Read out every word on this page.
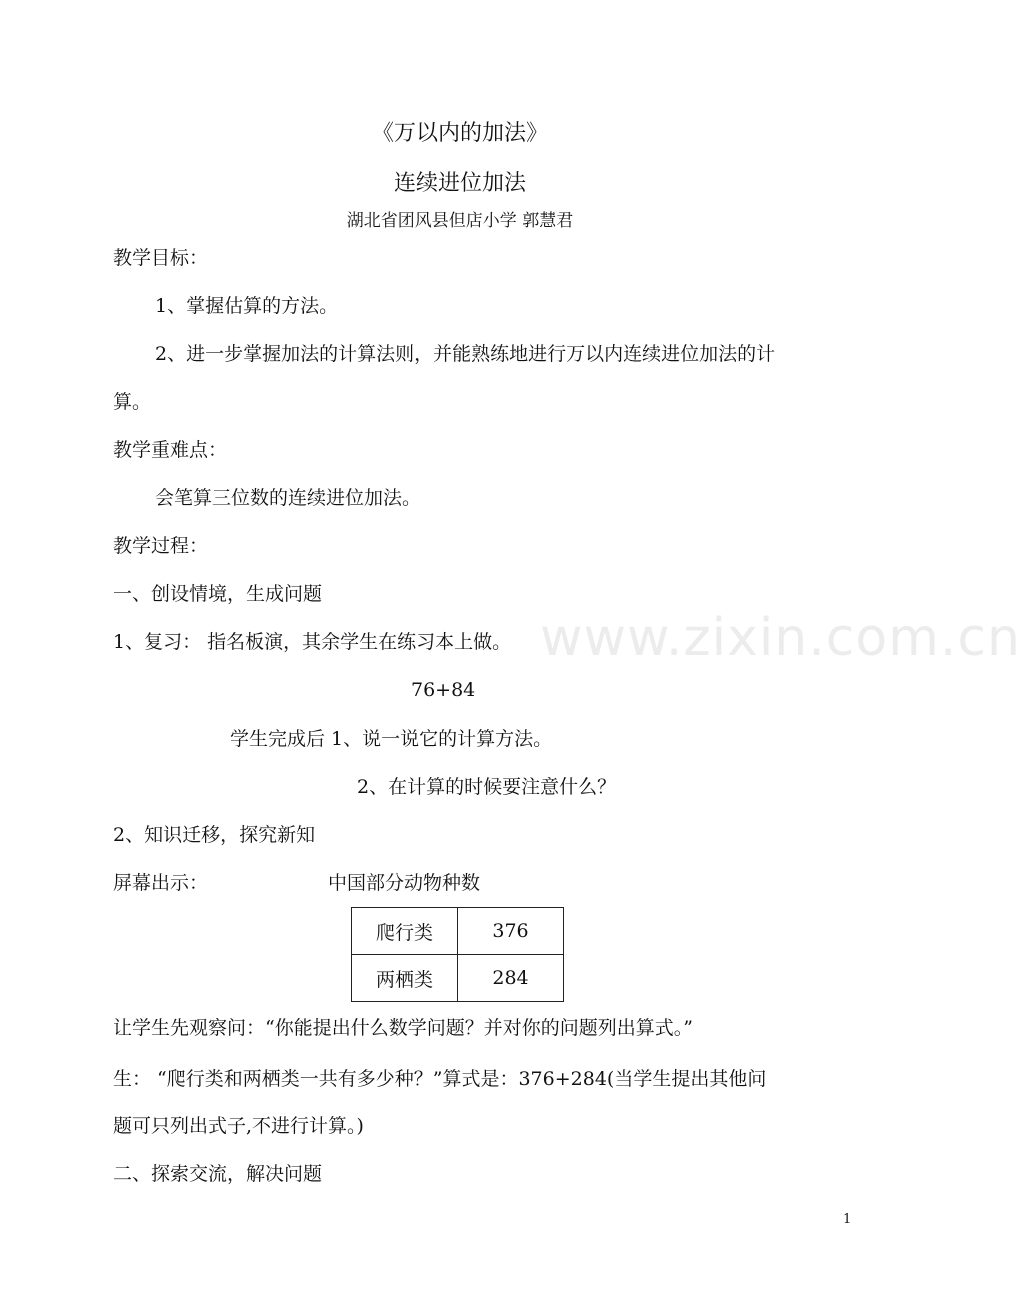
www.zixin.com.cn
《万以内的加法》
连续进位加法
湖北省团风县但店小学 郭慧君
教学目标：
1、掌握估算的方法。
2、进一步掌握加法的计算法则，并能熟练地进行万以内连续进位加法的计
算。
教学重难点：
会笔算三位数的连续进位加法。
教学过程：
一、创设情境，生成问题
1、复习： 指名板演，其余学生在练习本上做。
76+84
学生完成后 1、说一说它的计算方法。
2、在计算的时候要注意什么？
2、知识迁移，探究新知
屏幕出示：	中国部分动物种数
爬行类	376
两栖类	284
让学生先观察问：“你能提出什么数学问题？并对你的问题列出算式。”
生： “爬行类和两栖类一共有多少种？”算式是：376+284(当学生提出其他问
题可只列出式子,不进行计算。)
二、探索交流，解决问题
1
